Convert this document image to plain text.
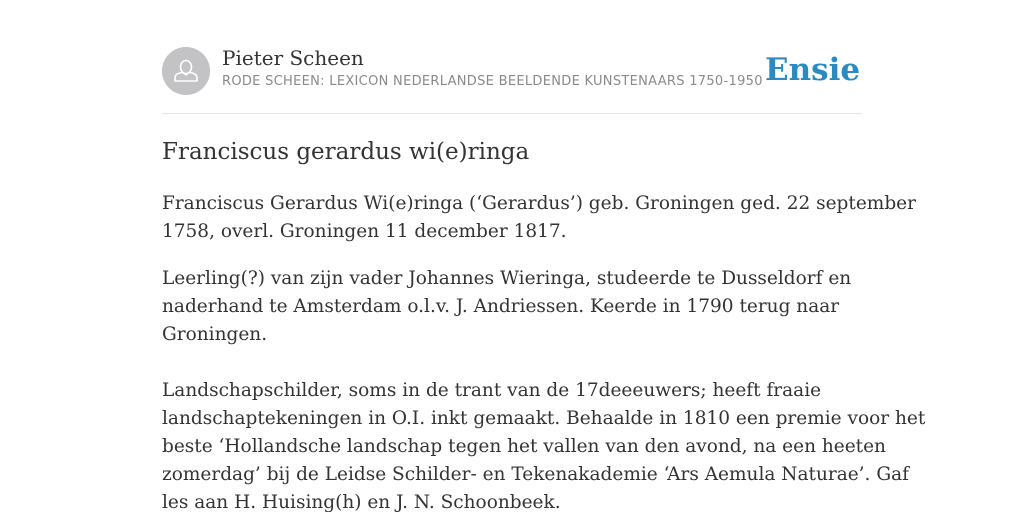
Pieter Scheen
RODE SCHEEN: LEXICON NEDERLANDSE BEELDENDE KUNSTENAARS 1750-1950 Ensie
Franciscus gerardus wi(e)ringa

Franciscus Gerardus Wi(e)ringa (‘Gerardus’) geb. Groningen ged. 22 september
1758, overl. Groningen 11 december 1817.

Leerling(?) van zijn vader Johannes Wieringa, studeerde te Dusseldorf en
naderhand te Amsterdam o.l.v. J. Andriessen. Keerde in 1790 terug naar
Groningen.

Landschapschilder, soms in de trant van de 17deeeuwers; heeft fraaie
landschaptekeningen in O.I. inkt gemaakt. Behaalde in 1810 een premie voor het
beste ‘Hollandsche landschap tegen het vallen van den avond, na een heeten
zomerdag’ bij de Leidse Schilder- en Tekenakademie ‘Ars Aemula Naturae’. Gaf
les aan H. Huising(h) en J. N. Schoonbeek.
